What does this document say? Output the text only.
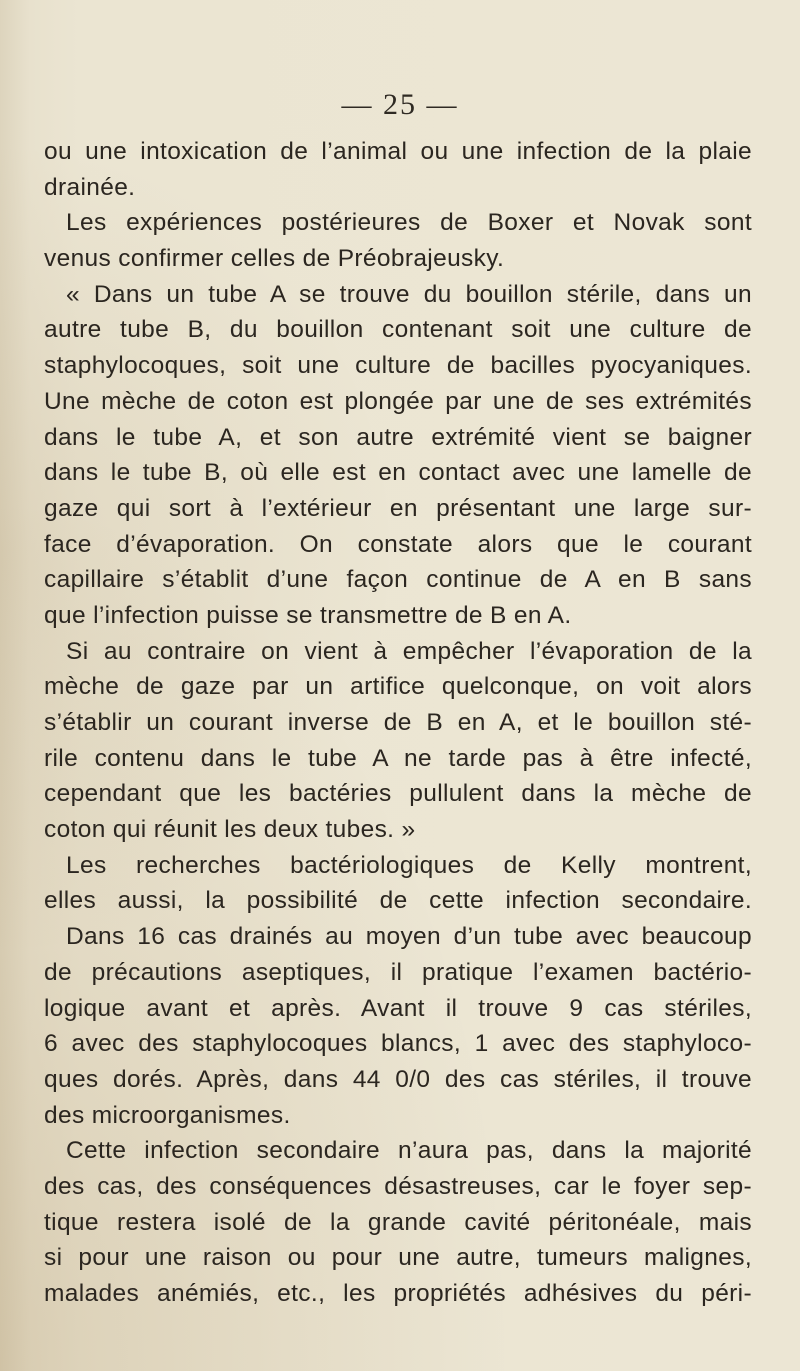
— 25 —
ou une intoxication de l’animal ou une infection de la plaie
drainée.
Les expériences postérieures de Boxer et Novak sont
venus confirmer celles de Préobrajeusky.
« Dans un tube A se trouve du bouillon stérile, dans un
autre tube B, du bouillon contenant soit une culture de
staphylocoques, soit une culture de bacilles pyocyaniques.
Une mèche de coton est plongée par une de ses extrémités
dans le tube A, et son autre extrémité vient se baigner
dans le tube B, où elle est en contact avec une lamelle de
gaze qui sort à l’extérieur en présentant une large sur-
face d’évaporation. On constate alors que le courant
capillaire s’établit d’une façon continue de A en B sans
que l’infection puisse se transmettre de B en A.
Si au contraire on vient à empêcher l’évaporation de la
mèche de gaze par un artifice quelconque, on voit alors
s’établir un courant inverse de B en A, et le bouillon sté-
rile contenu dans le tube A ne tarde pas à être infecté,
cependant que les bactéries pullulent dans la mèche de
coton qui réunit les deux tubes. »
Les recherches bactériologiques de Kelly montrent,
elles aussi, la possibilité de cette infection secondaire.
Dans 16 cas drainés au moyen d’un tube avec beaucoup
de précautions aseptiques, il pratique l’examen bactério-
logique avant et après. Avant il trouve 9 cas stériles,
6 avec des staphylocoques blancs, 1 avec des staphyloco-
ques dorés. Après, dans 44 0/0 des cas stériles, il trouve
des microorganismes.
Cette infection secondaire n’aura pas, dans la majorité
des cas, des conséquences désastreuses, car le foyer sep-
tique restera isolé de la grande cavité péritonéale, mais
si pour une raison ou pour une autre, tumeurs malignes,
malades anémiés, etc., les propriétés adhésives du péri-
